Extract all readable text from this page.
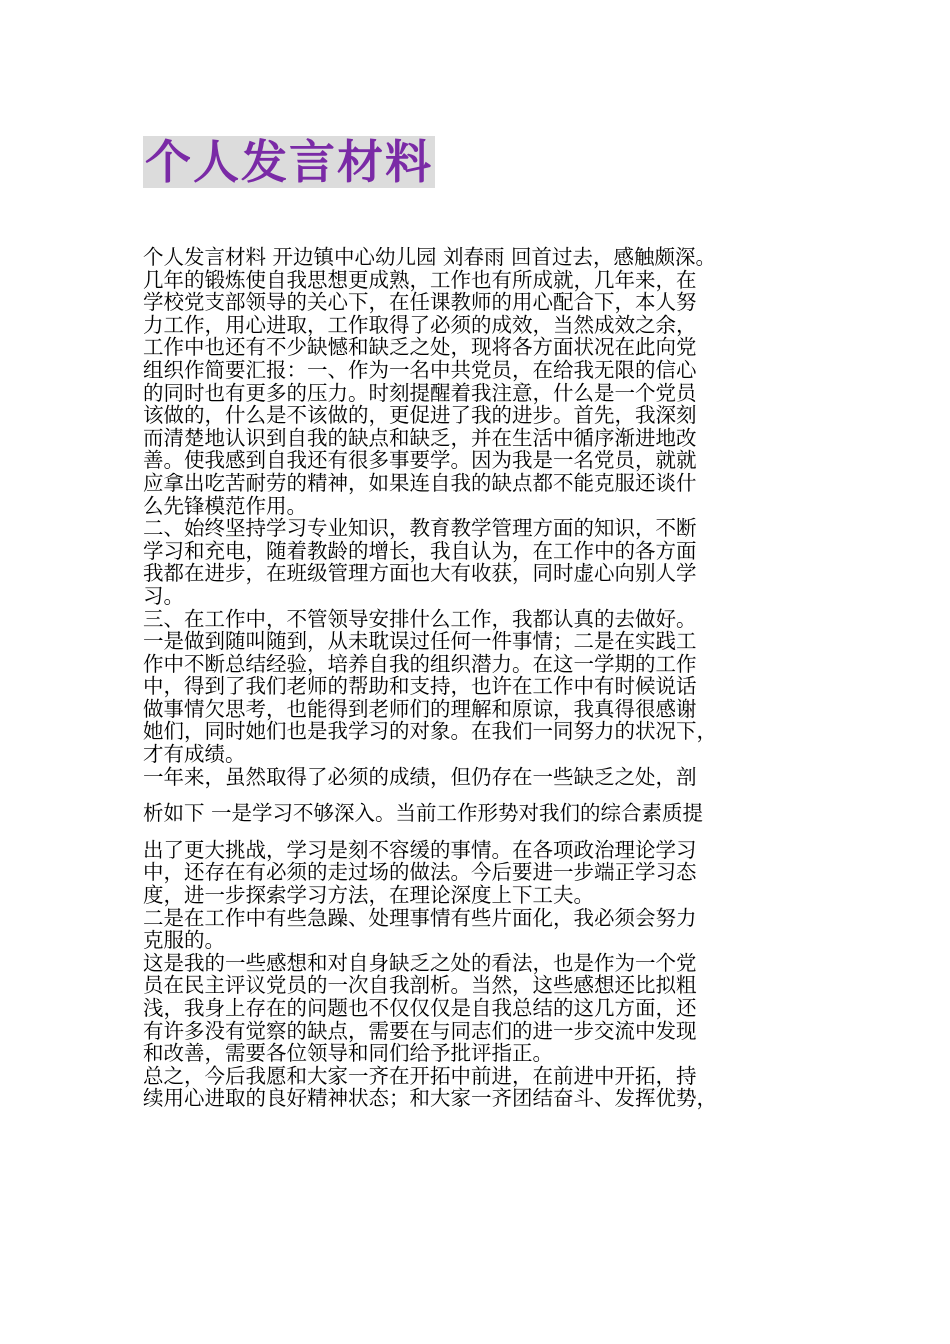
个人发言材料
个人发言材料 开边镇中心幼儿园 刘春雨 回首过去，感触颇深。
几年的锻炼使自我思想更成熟，工作也有所成就，几年来，在
学校党支部领导的关心下，在任课教师的用心配合下，本人努
力工作，用心进取，工作取得了必须的成效，当然成效之余，
工作中也还有不少缺憾和缺乏之处，现将各方面状况在此向党
组织作简要汇报：一、作为一名中共党员，在给我无限的信心
的同时也有更多的压力。时刻提醒着我注意，什么是一个党员
该做的，什么是不该做的，更促进了我的进步。首先，我深刻
而清楚地认识到自我的缺点和缺乏，并在生活中循序渐进地改
善。使我感到自我还有很多事要学。因为我是一名党员，就就
应拿出吃苦耐劳的精神，如果连自我的缺点都不能克服还谈什
么先锋模范作用。
二、始终坚持学习专业知识，教育教学管理方面的知识，不断
学习和充电，随着教龄的增长，我自认为，在工作中的各方面
我都在进步，在班级管理方面也大有收获，同时虚心向别人学
习。
三、在工作中，不管领导安排什么工作，我都认真的去做好。
一是做到随叫随到，从未耽误过任何一件事情；二是在实践工
作中不断总结经验，培养自我的组织潜力。在这一学期的工作
中，得到了我们老师的帮助和支持，也许在工作中有时候说话
做事情欠思考，也能得到老师们的理解和原谅，我真得很感谢
她们，同时她们也是我学习的对象。在我们一同努力的状况下，
才有成绩。
一年来，虽然取得了必须的成绩，但仍存在一些缺乏之处，剖
析如下 一是学习不够深入。当前工作形势对我们的综合素质提
出了更大挑战，学习是刻不容缓的事情。在各项政治理论学习
中，还存在有必须的走过场的做法。今后要进一步端正学习态
度，进一步探索学习方法，在理论深度上下工夫。
二是在工作中有些急躁、处理事情有些片面化，我必须会努力
克服的。
这是我的一些感想和对自身缺乏之处的看法，也是作为一个党
员在民主评议党员的一次自我剖析。当然，这些感想还比拟粗
浅，我身上存在的问题也不仅仅仅是自我总结的这几方面，还
有许多没有觉察的缺点，需要在与同志们的进一步交流中发现
和改善，需要各位领导和同们给予批评指正。
总之，今后我愿和大家一齐在开拓中前进，在前进中开拓，持
续用心进取的良好精神状态；和大家一齐团结奋斗、发挥优势，
